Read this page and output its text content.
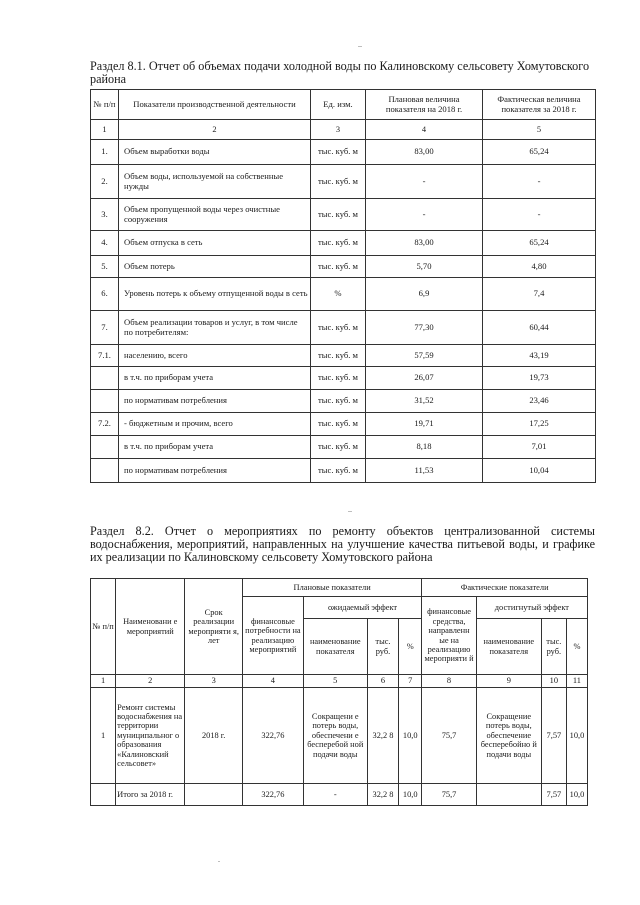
..
Раздел 8.1. Отчет об объемах подачи холодной воды по Калиновскому сельсовету Хомутовского района
№ п/п	Показатели производственной деятельности	Ед. изм.	Плановая величина показателя на 2018 г.	Фактическая величина показателя за 2018 г.
1	2	3	4	5
1.	Объем выработки воды	тыс. куб. м	83,00	65,24
2.	Объем воды, используемой на собственные нужды	тыс. куб. м	-	-
3.	Объем пропущенной воды через очистные сооружения	тыс. куб. м	-	-
4.	Объем отпуска в сеть	тыс. куб. м	83,00	65,24
5.	Объем потерь	тыс. куб. м	5,70	4,80
6.	Уровень потерь к объему отпущенной воды в сеть	%	6,9	7,4
7.	Объем реализации товаров и услуг, в том числе по потребителям:	тыс. куб. м	77,30	60,44
7.1.	населению, всего	тыс. куб. м	57,59	43,19
	в т.ч. по приборам учета	тыс. куб. м	26,07	19,73
	по нормативам потребления	тыс. куб. м	31,52	23,46
7.2.	- бюджетным и прочим, всего	тыс. куб. м	19,71	17,25
	в т.ч. по приборам учета	тыс. куб. м	8,18	7,01
	по нормативам потребления	тыс. куб. м	11,53	10,04
..
Раздел 8.2. Отчет о мероприятиях по ремонту объектов централизованной системы водоснабжения, мероприятий, направленных на улучшение качества питьевой воды, и графике их реализации по Калиновскому сельсовету Хомутовского района
№ п/п	Наименовани е мероприятий	Срок реализации мероприяти я, лет	Плановые показатели				Фактические показатели			
			финансовые потребности на реализацию мероприятий	ожидаемый эффект			финансовые средства, направленн ые на реализацию мероприяти й	достигнутый эффект		
				наименование показателя	тыс. руб.	%		наименование показателя	тыс. руб.	%
1	2	3	4	5	6	7	8	9	10	11
1	Ремонт системы водоснабжения на территории муниципальног о образования «Калиновский сельсовет»	2018 г.	322,76	Сокращени е потерь воды, обеспечени е бесперебой ной подачи воды	32,2 8	10,0	75,7	Сокращение потерь воды, обеспечение бесперебойно й подачи воды	7,57	10,0
	Итого за 2018 г.		322,76	-	32,2 8	10,0	75,7		7,57	10,0
.
